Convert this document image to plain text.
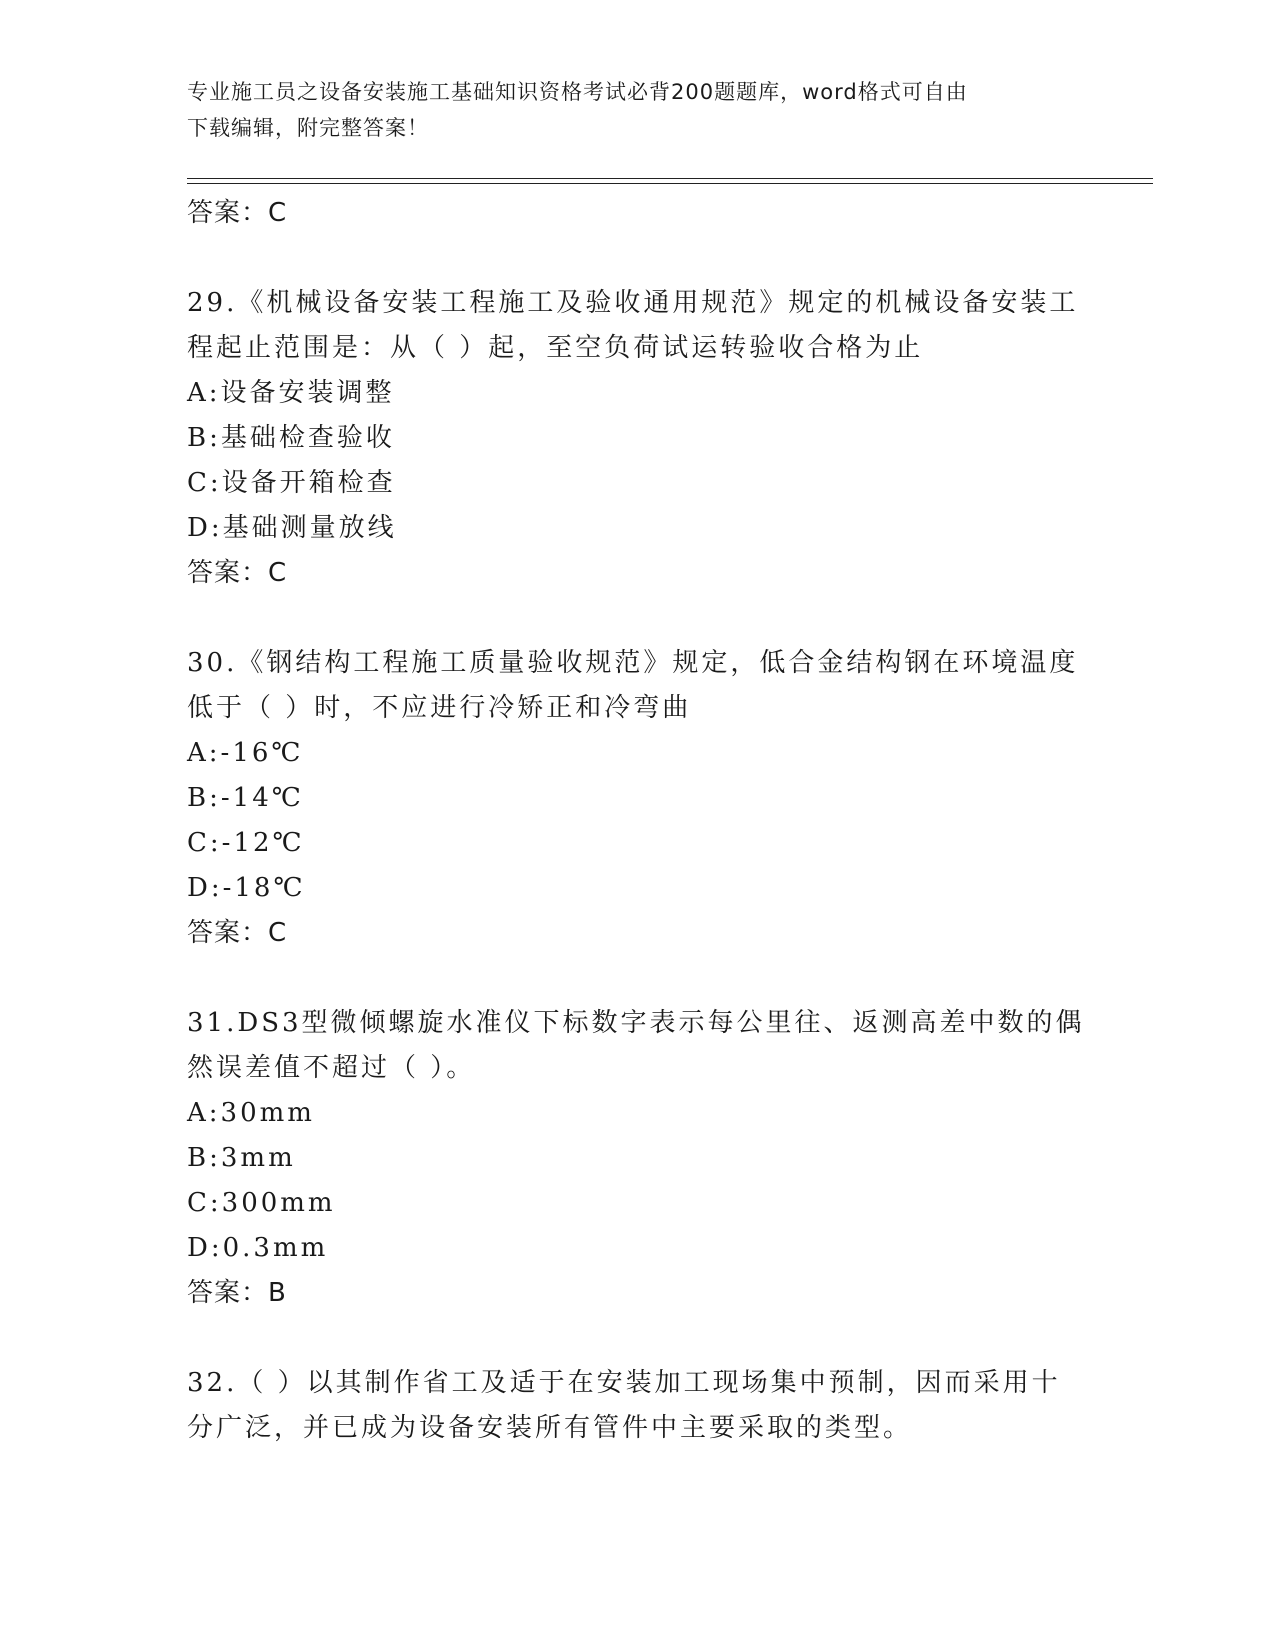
专业施工员之设备安装施工基础知识资格考试必背200题题库，word格式可自由
下载编辑，附完整答案！
答案：C
29.《机械设备安装工程施工及验收通用规范》规定的机械设备安装工
程起止范围是：从（ ）起，至空负荷试运转验收合格为止
A:设备安装调整
B:基础检查验收
C:设备开箱检查
D:基础测量放线
答案：C
30.《钢结构工程施工质量验收规范》规定，低合金结构钢在环境温度
低于（ ）时，不应进行冷矫正和冷弯曲
A:-16℃
B:-14℃
C:-12℃
D:-18℃
答案：C
31.DS3型微倾螺旋水准仪下标数字表示每公里往、返测高差中数的偶
然误差值不超过（ ）。
A:30mm
B:3mm
C:300mm
D:0.3mm
答案：B
32.（ ）以其制作省工及适于在安装加工现场集中预制，因而采用十
分广泛，并已成为设备安装所有管件中主要采取的类型。
